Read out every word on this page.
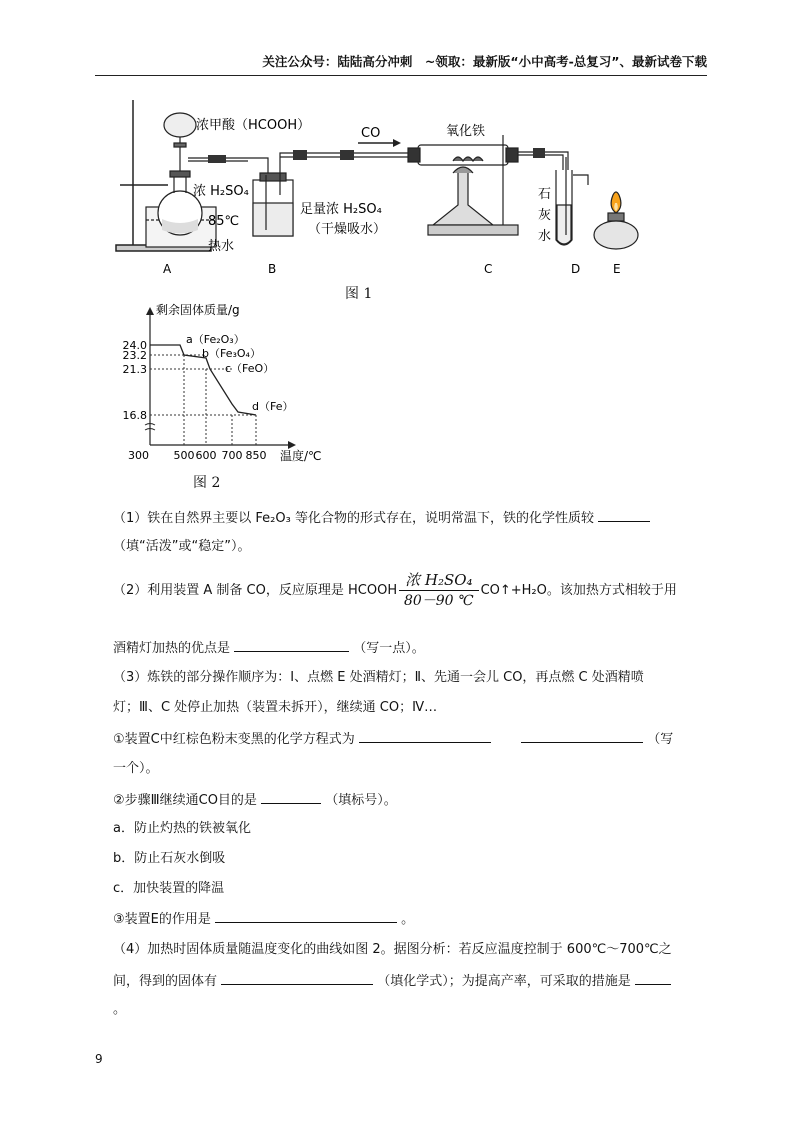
关注公众号：陆陆高分冲刺　~领取：最新版“小中高考-总复习”、最新试卷下载
浓甲酸（HCOOH）
浓 H₂SO₄
85℃
热水
CO	氧化铁
足量浓 H₂SO₄
（干燥吸水）
石
灰
水
A	B	C	D	E
图 1
剩余固体质量/g
温度/℃
24.0
23.2
21.3
16.8
300 500 600 700 850
a（Fe₂O₃）
b（Fe₃O₄）
c（FeO）
d（Fe）
图 2
（1）铁在自然界主要以 Fe₂O₃ 等化合物的形式存在，说明常温下，铁的化学性质较
（填“活泼”或“稳定”）。
（2）利用装置 A 制备 CO，反应原理是 HCOOH $\frac{\text{浓 H₂SO₄}}{80-90 ℃}$ CO↑+H₂O。该加热方式相较于用
酒精灯加热的优点是	（写一点）。
（3）炼铁的部分操作顺序为：Ⅰ、点燃 E 处酒精灯；Ⅱ、先通一会儿 CO，再点燃 C 处酒精喷
灯；Ⅲ、C 处停止加热（装置未拆开），继续通 CO；Ⅳ…
①装置C中红棕色粉末变黑的化学方程式为	（写
一个）。
②步骤Ⅲ继续通CO目的是	（填标号）。
a．防止灼热的铁被氧化
b．防止石灰水倒吸
c．加快装置的降温
③装置E的作用是	。
（4）加热时固体质量随温度变化的曲线如图 2。据图分析：若反应温度控制于 600℃～700℃之
间，得到的固体有	（填化学式）；为提高产率，可采取的措施是
。
9
